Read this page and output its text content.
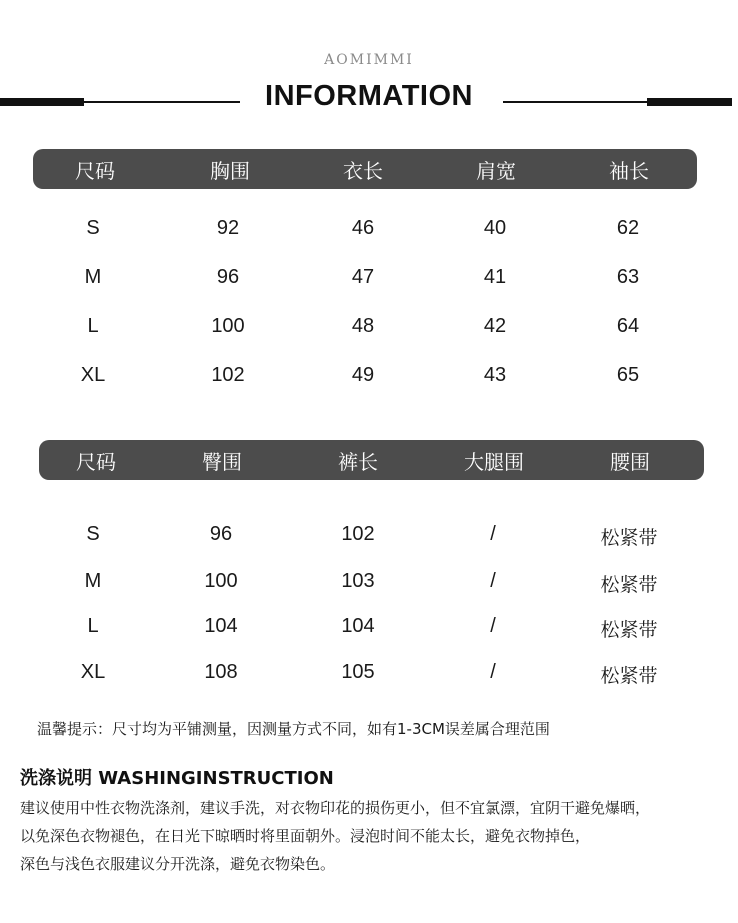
AOMIMMI
INFORMATION
尺码	胸围	衣长	肩宽	袖长
S	92	46	40	62
M	96	47	41	63
L	100	48	42	64
XL	102	49	43	65
尺码	臀围	裤长	大腿围	腰围
S	96	102	/	松紧带
M	100	103	/	松紧带
L	104	104	/	松紧带
XL	108	105	/	松紧带
温馨提示：尺寸均为平铺测量，因测量方式不同，如有1-3CM误差属合理范围
洗涤说明 WASHINGINSTRUCTION
建议使用中性衣物洗涤剂，建议手洗，对衣物印花的损伤更小，但不宜氯漂，宜阴干避免爆晒，
以免深色衣物褪色，在日光下晾晒时将里面朝外。浸泡时间不能太长，避免衣物掉色，
深色与浅色衣服建议分开洗涤，避免衣物染色。
